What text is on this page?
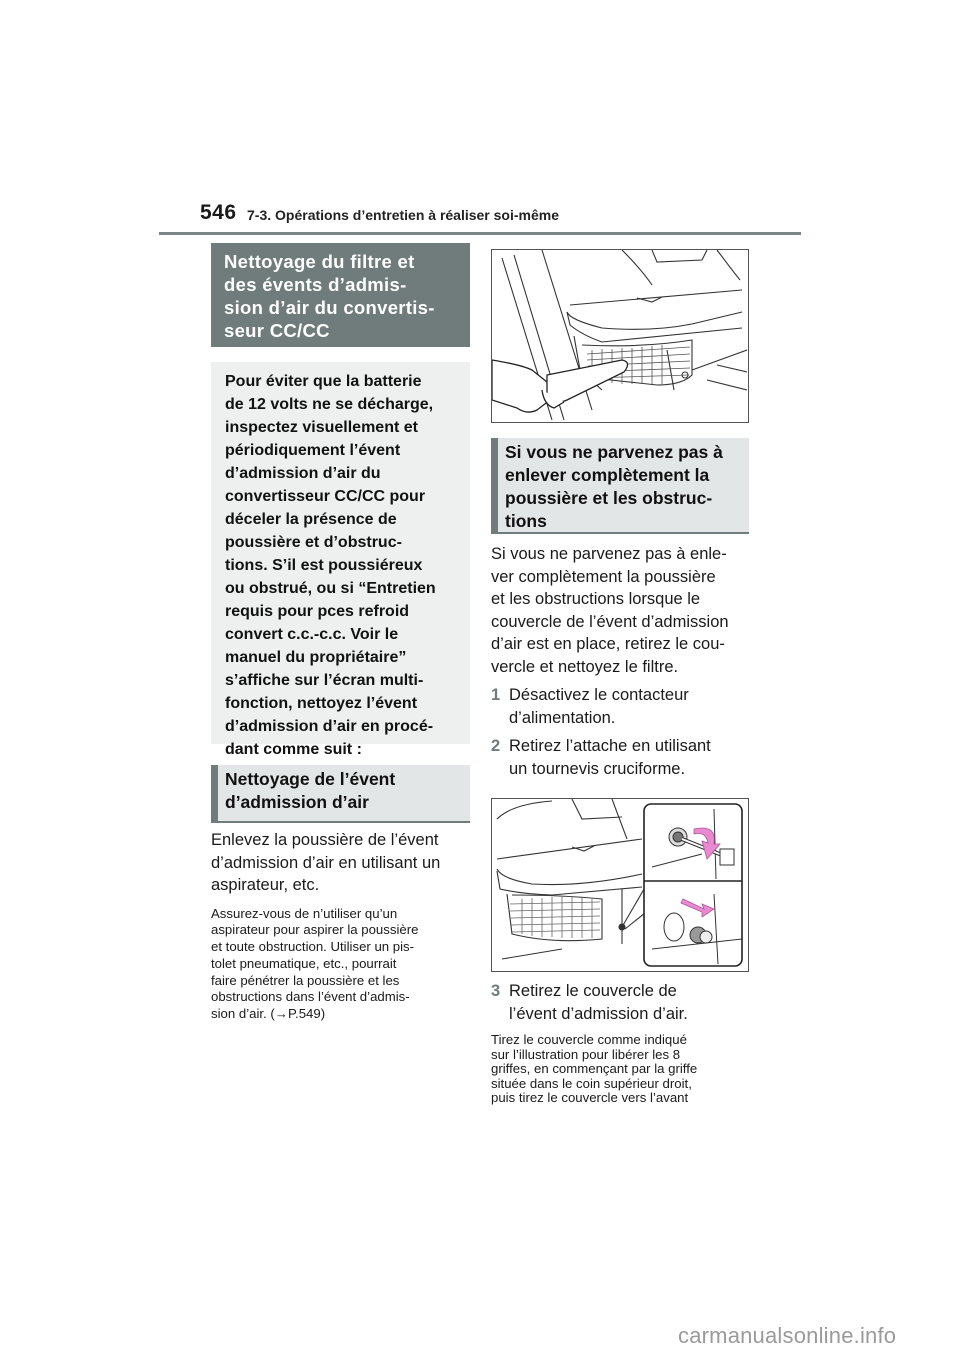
546 7-3. Opérations d’entretien à réaliser soi-même
Nettoyage du filtre et
des évents d’admis-
sion d’air du convertis-
seur CC/CC

Pour éviter que la batterie
de 12 volts ne se décharge,
inspectez visuellement et
périodiquement l’évent
d’admission d’air du
convertisseur CC/CC pour
déceler la présence de
poussière et d’obstruc-
tions. S’il est poussiéreux
ou obstrué, ou si “Entretien
requis pour pces refroid
convert c.c.-c.c. Voir le
manuel du propriétaire”
s’affiche sur l’écran multi-
fonction, nettoyez l’évent
d’admission d’air en procé-
dant comme suit :

Nettoyage de l’évent
d’admission d’air
Enlevez la poussière de l’évent
d’admission d’air en utilisant un
aspirateur, etc.
Assurez-vous de n’utiliser qu’un
aspirateur pour aspirer la poussière
et toute obstruction. Utiliser un pis-
tolet pneumatique, etc., pourrait
faire pénétrer la poussière et les
obstructions dans l’évent d’admis-
sion d’air. (→P.549)
Si vous ne parvenez pas à
enlever complètement la
poussière et les obstruc-
tions
Si vous ne parvenez pas à enle-
ver complètement la poussière
et les obstructions lorsque le
couvercle de l’évent d’admission
d’air est en place, retirez le cou-
vercle et nettoyez le filtre.
1 Désactivez le contacteur
d’alimentation.
2 Retirez l’attache en utilisant
un tournevis cruciforme.
3 Retirez le couvercle de
l’évent d’admission d’air.
Tirez le couvercle comme indiqué
sur l’illustration pour libérer les 8
griffes, en commençant par la griffe
située dans le coin supérieur droit,
puis tirez le couvercle vers l’avant
carmanualsonline.info
